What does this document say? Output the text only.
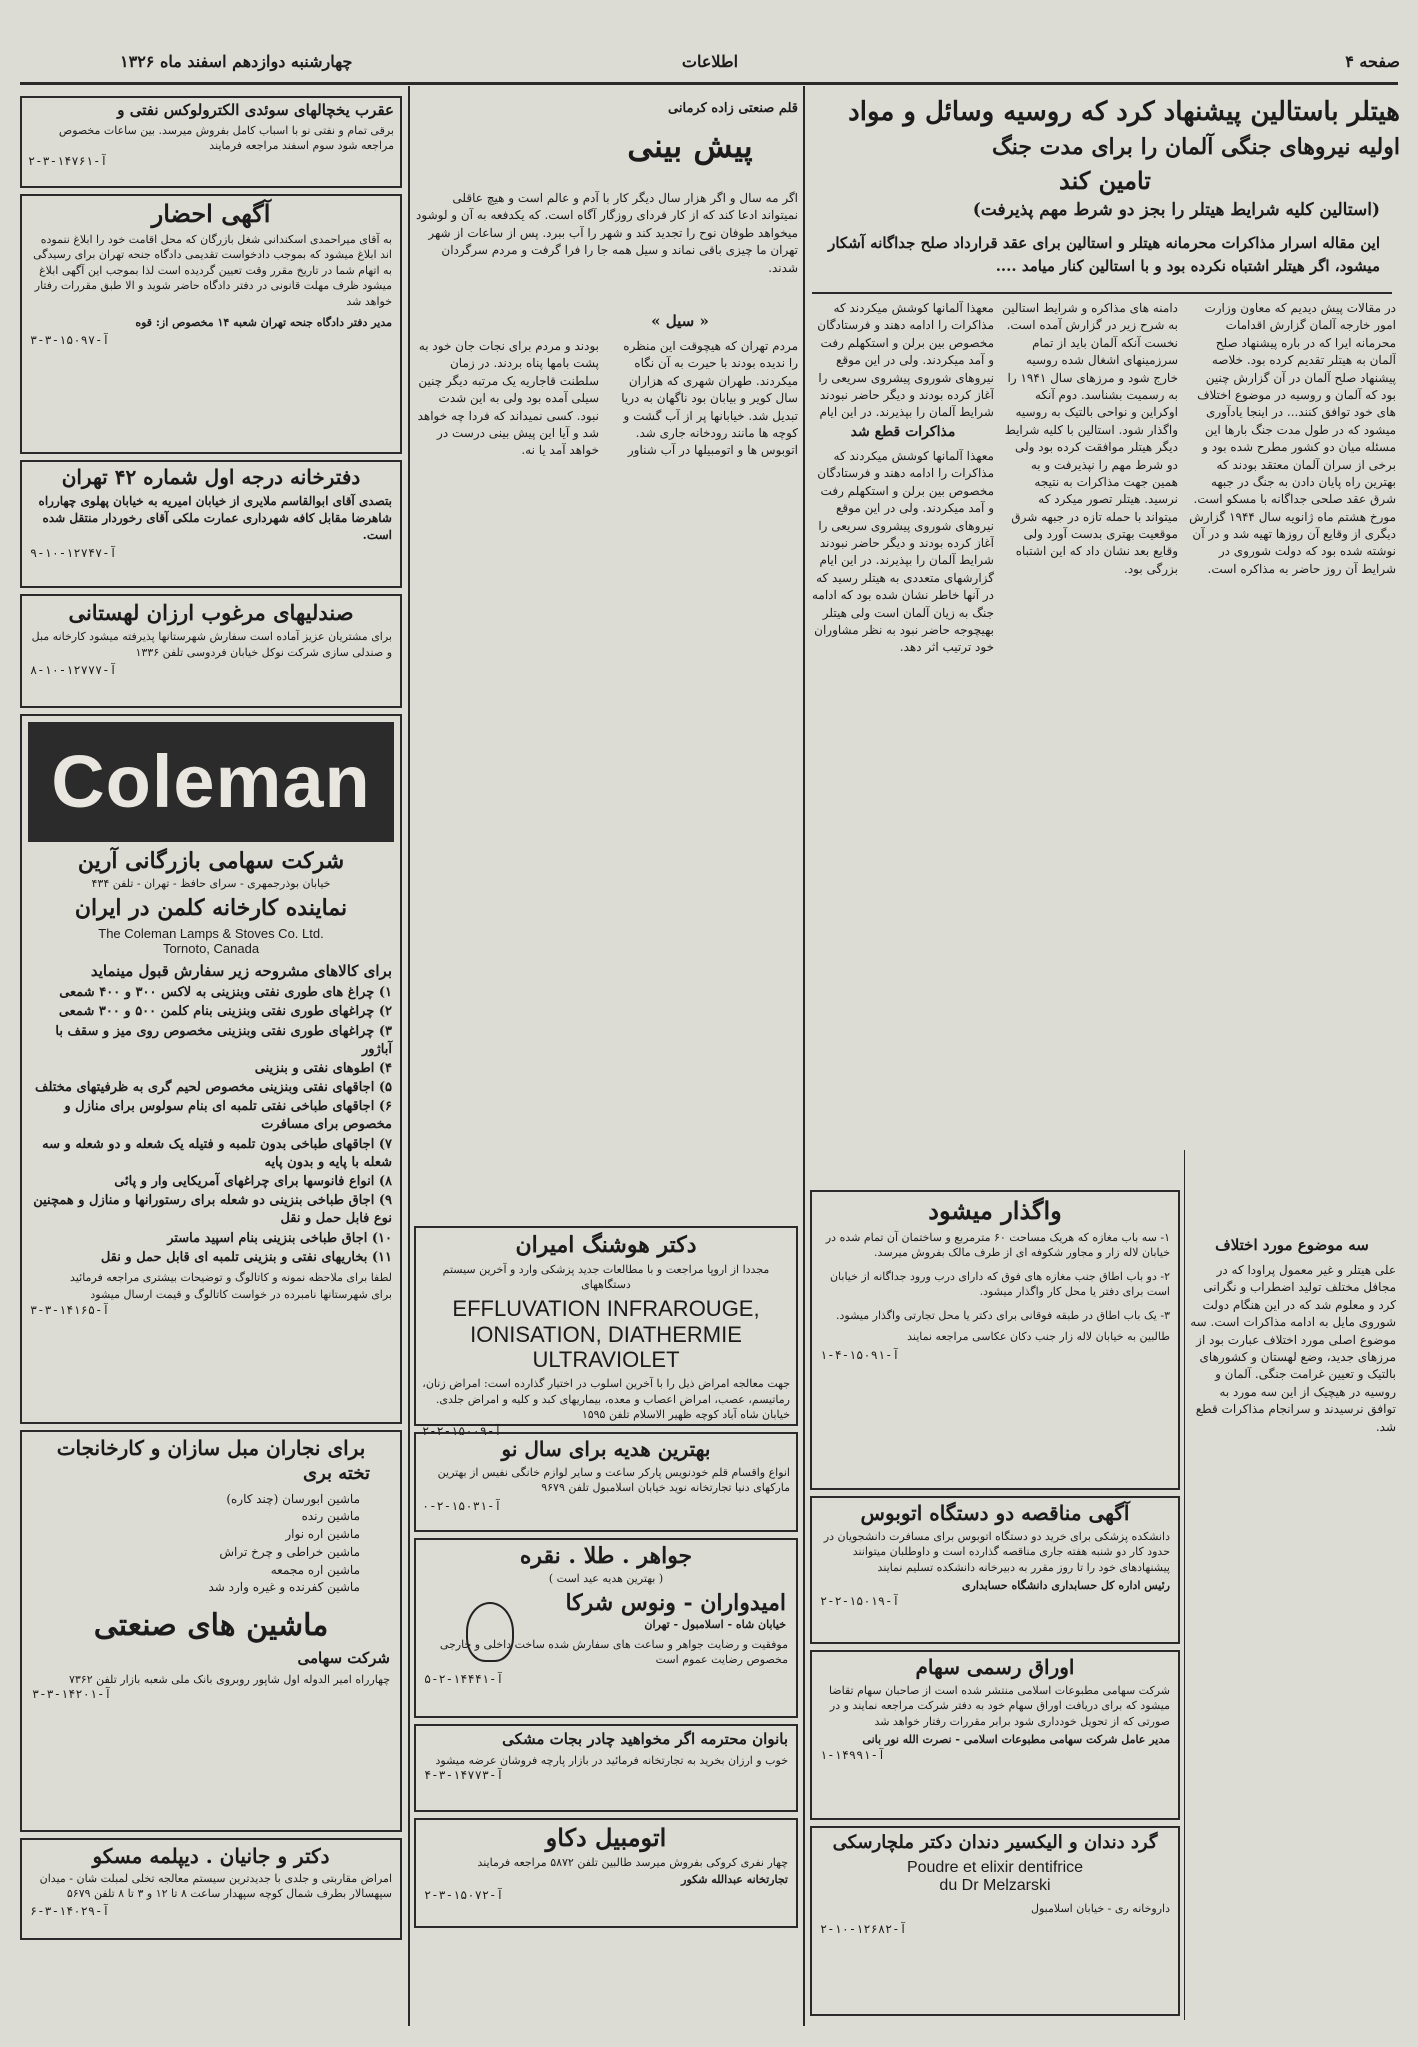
صفحه ۴
اطلاعات
چهارشنبه دوازدهم اسفند ماه ۱۳۲۶
هیتلر باستالین پیشنهاد کرد که روسیه وسائل و مواد
اولیه نیروهای جنگی آلمان را برای مدت جنگ
تامین کند
(استالین کلیه شرایط هیتلر را بجز دو شرط مهم پذیرفت)
این مقاله اسرار مذاکرات محرمانه هیتلر و استالین برای عقد قرارداد صلح جداگانه آشکار میشود، اگر هیتلر اشتباه نکرده بود و با استالین کنار میامد ....
در مقالات پیش دیدیم که معاون وزارت امور خارجه آلمان گزارش اقدامات محرمانه ایرا که در باره پیشنهاد صلح آلمان به هیتلر تقدیم کرده بود. خلاصه پیشنهاد صلح آلمان در آن گزارش چنین بود که آلمان و روسیه در موضوع اختلاف های خود توافق کنند... در اینجا یادآوری میشود که در طول مدت جنگ بارها این مسئله میان دو کشور مطرح شده بود و برخی از سران آلمان معتقد بودند که بهترین راه پایان دادن به جنگ در جبهه شرق عقد صلحی جداگانه با مسکو است. مورخ هشتم ماه ژانویه سال ۱۹۴۴ گزارش دیگری از وقایع آن روزها تهیه شد و در آن نوشته شده بود که دولت شوروی در شرایط آن روز حاضر به مذاکره است.
دامنه های مذاکره و شرایط استالین به شرح زیر در گزارش آمده است. نخست آنکه آلمان باید از تمام سرزمینهای اشغال شده روسیه خارج شود و مرزهای سال ۱۹۴۱ را به رسمیت بشناسد. دوم آنکه اوکراین و نواحی بالتیک به روسیه واگذار شود. استالین با کلیه شرایط دیگر هیتلر موافقت کرده بود ولی دو شرط مهم را نپذیرفت و به همین جهت مذاکرات به نتیجه نرسید. هیتلر تصور میکرد که میتواند با حمله تازه در جبهه شرق موقعیت بهتری بدست آورد ولی وقایع بعد نشان داد که این اشتباه بزرگی بود.
معهذا آلمانها کوشش میکردند که مذاکرات را ادامه دهند و فرستادگان مخصوص بین برلن و استکهلم رفت و آمد میکردند. ولی در این موقع نیروهای شوروی پیشروی سریعی را آغاز کرده بودند و دیگر حاضر نبودند شرایط آلمان را بپذیرند. در این ایام
مذاکرات قطع شد
معهذا آلمانها کوشش میکردند که مذاکرات را ادامه دهند و فرستادگان مخصوص بین برلن و استکهلم رفت و آمد میکردند. ولی در این موقع نیروهای شوروی پیشروی سریعی را آغاز کرده بودند و دیگر حاضر نبودند شرایط آلمان را بپذیرند. در این ایام گزارشهای متعددی به هیتلر رسید که در آنها خاطر نشان شده بود که ادامه جنگ به زیان آلمان است ولی هیتلر بهیچوجه حاضر نبود به نظر مشاوران خود ترتیب اثر دهد.
سه موضوع مورد اختلاف
علی هیتلر و غیر معمول پراودا که در مجافل مختلف تولید اضطراب و نگرانی کرد و معلوم شد که در این هنگام دولت شوروی مایل به ادامه مذاکرات است. سه موضوع اصلی مورد اختلاف عبارت بود از مرزهای جدید، وضع لهستان و کشورهای بالتیک و تعیین غرامت جنگی. آلمان و روسیه در هیچیک از این سه مورد به توافق نرسیدند و سرانجام مذاکرات قطع شد.
واگذار میشود
۱- سه باب مغازه که هریک مساحت ۶۰ مترمربع و ساختمان آن تمام شده در خیابان لاله زار و مجاور شکوفه ای از طرف مالک بفروش میرسد.
۲- دو باب اطاق جنب مغازه های فوق که دارای درب ورود جداگانه از خیابان است برای دفتر یا محل کار واگذار میشود.
۳- یک باب اطاق در طبقه فوقانی برای دکتر یا محل تجارتی واگذار میشود.
طالبین به خیابان لاله زار جنب دکان عکاسی مراجعه نمایند
آ-۱۵۰۹۱-۴-۱
آگهی مناقصه دو دستگاه اتوبوس
دانشکده پزشکی برای خرید دو دستگاه اتوبوس برای مسافرت دانشجویان در حدود کار دو شنبه هفته جاری مناقصه گذارده است و داوطلبان میتوانند پیشنهادهای خود را تا روز مقرر به دبیرخانه دانشکده تسلیم نمایند
رئیس اداره کل حسابداری دانشگاه حسابداری
آ-۱۵۰۱۹-۲-۲
اوراق رسمی سهام
شرکت سهامی مطبوعات اسلامی منتشر شده است از صاحبان سهام تقاضا میشود که برای دریافت اوراق سهام خود به دفتر شرکت مراجعه نمایند و در صورتی که از تحویل خودداری شود برابر مقررات رفتار خواهد شد
مدیر عامل شرکت سهامی مطبوعات اسلامی - نصرت الله نور بانی
آ-۱۴۹۹۱-۱
گرد دندان و الیکسیر دندان دکتر ملچارسکی
Poudre et elixir dentifrice
du Dr Melzarski
داروخانه ری - خیابان اسلامبول
آ-۱۲۶۸۲-۱۰-۲
قلم صنعتی زاده کرمانی
پیش بینی
اگر مه سال و اگر هزار سال دیگر کار با آدم و عالم است و هیچ عاقلی نمیتواند ادعا کند که از کار فردای روزگار آگاه است. که یکدفعه به آن و لوشود میخواهد طوفان نوح را تجدید کند و شهر را آب ببرد. پس از ساعات از شهر تهران ما چیزی باقی نماند و سیل همه جا را فرا گرفت و مردم سرگردان شدند.
« سیل »
مردم تهران که هیچوقت این منظره را ندیده بودند با حیرت به آن نگاه میکردند. طهران شهری که هزاران سال کویر و بیابان بود ناگهان به دریا تبدیل شد. خیابانها پر از آب گشت و کوچه ها مانند رودخانه جاری شد. اتوبوس ها و اتومبیلها در آب شناور بودند و مردم برای نجات جان خود به پشت بامها پناه بردند. در زمان سلطنت قاجاریه یک مرتبه دیگر چنین سیلی آمده بود ولی به این شدت نبود. کسی نمیداند که فردا چه خواهد شد و آیا این پیش بینی درست در خواهد آمد یا نه.
دکتر هوشنگ امیران
مجددا از اروپا مراجعت و با مطالعات جدید پزشکی وارد و آخرین سیستم دستگاههای
EFFLUVATION INFRAROUGE, IONISATION, DIATHERMIE ULTRAVIOLET
جهت معالجه امراض ذیل را با آخرین اسلوب در اختیار گذارده است: امراض زنان، رماتیسم، عصب، امراض اعصاب و معده، بیماریهای کبد و کلیه و امراض جلدی. خیابان شاه آباد کوچه ظهیر الاسلام تلفن ۱۵۹۵
آ-۱۵۰۰۹-۲-۲
بهترین هدیه برای سال نو
انواع واقسام قلم خودنویس پارکر ساعت و سایر لوازم خانگی نفیس از بهترین مارکهای دنیا تجارتخانه نوید خیابان اسلامبول تلفن ۹۶۷۹
آ-۱۵۰۳۱-۲-۰
جواهر . طلا . نقره
( بهترین هدیه عید است )
امیدواران - ونوس شرکا
خیابان شاه - اسلامبول - تهران
موفقیت و رضایت جواهر و ساعت های سفارش شده ساخت داخلی و خارجی مخصوص رضایت عموم است
آ-۱۴۴۴۱-۲-۵
بانوان محترمه اگر مخواهید چادر بجات مشکی
خوب و ارزان بخرید به تجارتخانه فرمائید در بازار پارچه فروشان عرضه میشود
آ-۱۴۷۷۳-۳-۴
اتومبیل دکاو
چهار نفری کروکی بفروش میرسد طالبین تلفن ۵۸۷۲ مراجعه فرمایند
تجارتخانه عبدالله شکور
آ-۱۵۰۷۲-۳-۲
عقرب یخچالهای سوئدی الکترولوکس نفتی و
برقی تمام و نفتی نو با اسباب کامل بفروش میرسد. بین ساعات مخصوص مراجعه شود سوم اسفند مراجعه فرمایند
آ-۱۴۷۶۱-۳-۲
آگهی احضار
به آقای میراحمدی اسکندانی شغل بازرگان که محل اقامت خود را ابلاغ ننموده اند ابلاغ میشود که بموجب دادخواست تقدیمی دادگاه جنحه تهران برای رسیدگی به اتهام شما در تاریخ مقرر وقت تعیین گردیده است لذا بموجب این آگهی ابلاغ میشود ظرف مهلت قانونی در دفتر دادگاه حاضر شوید و الا طبق مقررات رفتار خواهد شد
مدیر دفتر دادگاه جنحه تهران شعبه ۱۴ مخصوص از: قوه
آ-۱۵۰۹۷-۳-۳
دفترخانه درجه اول شماره ۴۲ تهران
بتصدی آقای ابوالقاسم ملایری از خیابان امیریه به خیابان پهلوی چهارراه شاهرضا مقابل کافه شهرداری عمارت ملکی آقای رخوردار منتقل شده است.
آ-۱۲۷۴۷-۱۰-۹
صندلیهای مرغوب ارزان لهستانی
برای مشتریان عزیز آماده است سفارش شهرستانها پذیرفته میشود کارخانه مبل و صندلی سازی شرکت نوکل خیابان فردوسی تلفن ۱۳۳۶
آ-۱۲۷۷۷-۱۰-۸
Coleman
شرکت سهامی بازرگانی آرین
خیابان بوذرجمهری - سرای حافظ - تهران - تلفن ۴۳۴
نماینده کارخانه کلمن در ایران
The Coleman Lamps & Stoves Co. Ltd.
Tornoto, Canada
برای کالاهای مشروحه زیر سفارش قبول مینماید
۱) چراغ های طوری نفتی وبنزینی به لاکس ۳۰۰ و ۴۰۰ شمعی
۲) چراغهای طوری نفتی وبنزینی بنام کلمن ۵۰۰ و ۳۰۰ شمعی
۳) چراغهای طوری نفتی وبنزینی مخصوص روی میز و سقف با آباژور
۴) اطوهای نفتی و بنزینی
۵) اجاقهای نفتی وبنزینی مخصوص لحیم گری به ظرفیتهای مختلف
۶) اجاقهای طباخی نفتی تلمبه ای بنام سولوس برای منازل و مخصوص برای مسافرت
۷) اجاقهای طباخی بدون تلمبه و فتیله یک شعله و دو شعله و سه شعله با پایه و بدون پایه
۸) انواع فانوسها برای چراغهای آمریکایی وار و پائی
۹) اجاق طباخی بنزینی دو شعله برای رستورانها و منازل و همچنین نوع فابل حمل و نقل
۱۰) اجاق طباخی بنزینی بنام اسپید ماستر
۱۱) بخاریهای نفتی و بنزینی تلمبه ای قابل حمل و نقل
لطفا برای ملاحظه نمونه و کاتالوگ و توضیحات بیشتری مراجعه فرمائید
برای شهرستانها نامبرده در خواست کاتالوگ و قیمت ارسال میشود
آ-۱۴۱۶۵-۳-۳
برای نجاران مبل سازان و کارخانجات
تخته بری
ماشین ابورسان (چند کاره)
ماشین رنده
ماشین اره نوار
ماشین خراطی و چرخ تراش
ماشین اره مجمعه
ماشین کفرنده و غیره وارد شد
ماشین های صنعتی
شرکت سهامی
چهارراه امیر الدوله اول شاپور روبروی بانک ملی شعبه بازار تلفن ۷۳۶۲
آ-۱۴۲۰۱-۳-۳
دکتر و جانیان . دیپلمه مسکو
امراض مقاربتی و جلدی با جدیدترین سیستم معالجه تخلی لمبلت شان - میدان سپهسالار بطرف شمال کوچه سپهدار ساعت ۸ تا ۱۲ و ۳ تا ۸ تلفن ۵۶۷۹
آ-۱۴۰۲۹-۳-۶
